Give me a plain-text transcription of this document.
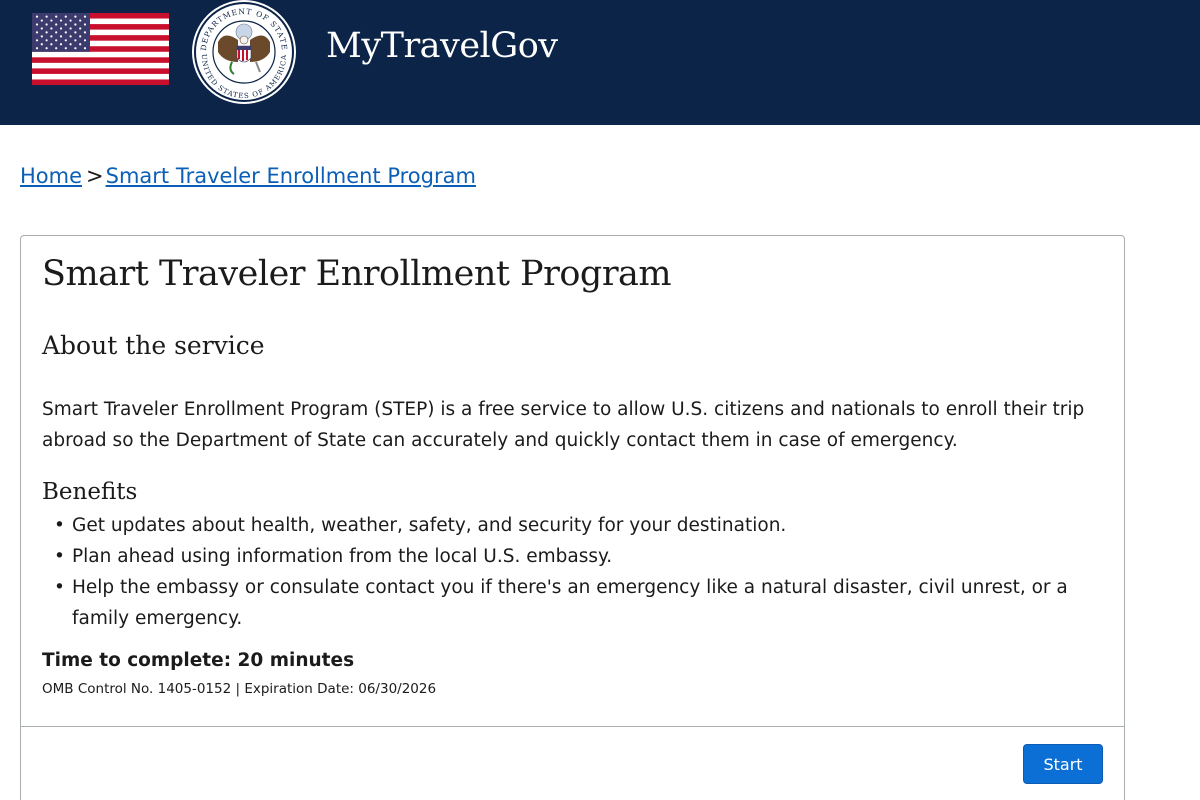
DEPARTMENT OF STATE
UNITED STATES OF AMERICA MyTravelGov
Home >Smart Traveler Enrollment Program
Smart Traveler Enrollment Program
About the service

Smart Traveler Enrollment Program (STEP) is a free service to allow U.S. citizens and nationals to enroll their trip abroad so the Department of State can accurately and quickly contact them in case of emergency.

Benefits
• Get updates about health, weather, safety, and security for your destination.
• Plan ahead using information from the local U.S. embassy.
• Help the embassy or consulate contact you if there's an emergency like a natural disaster, civil unrest, or a family emergency.
Time to complete: 20 minutes
OMB Control No. 1405-0152 | Expiration Date: 06/30/2026
Start
